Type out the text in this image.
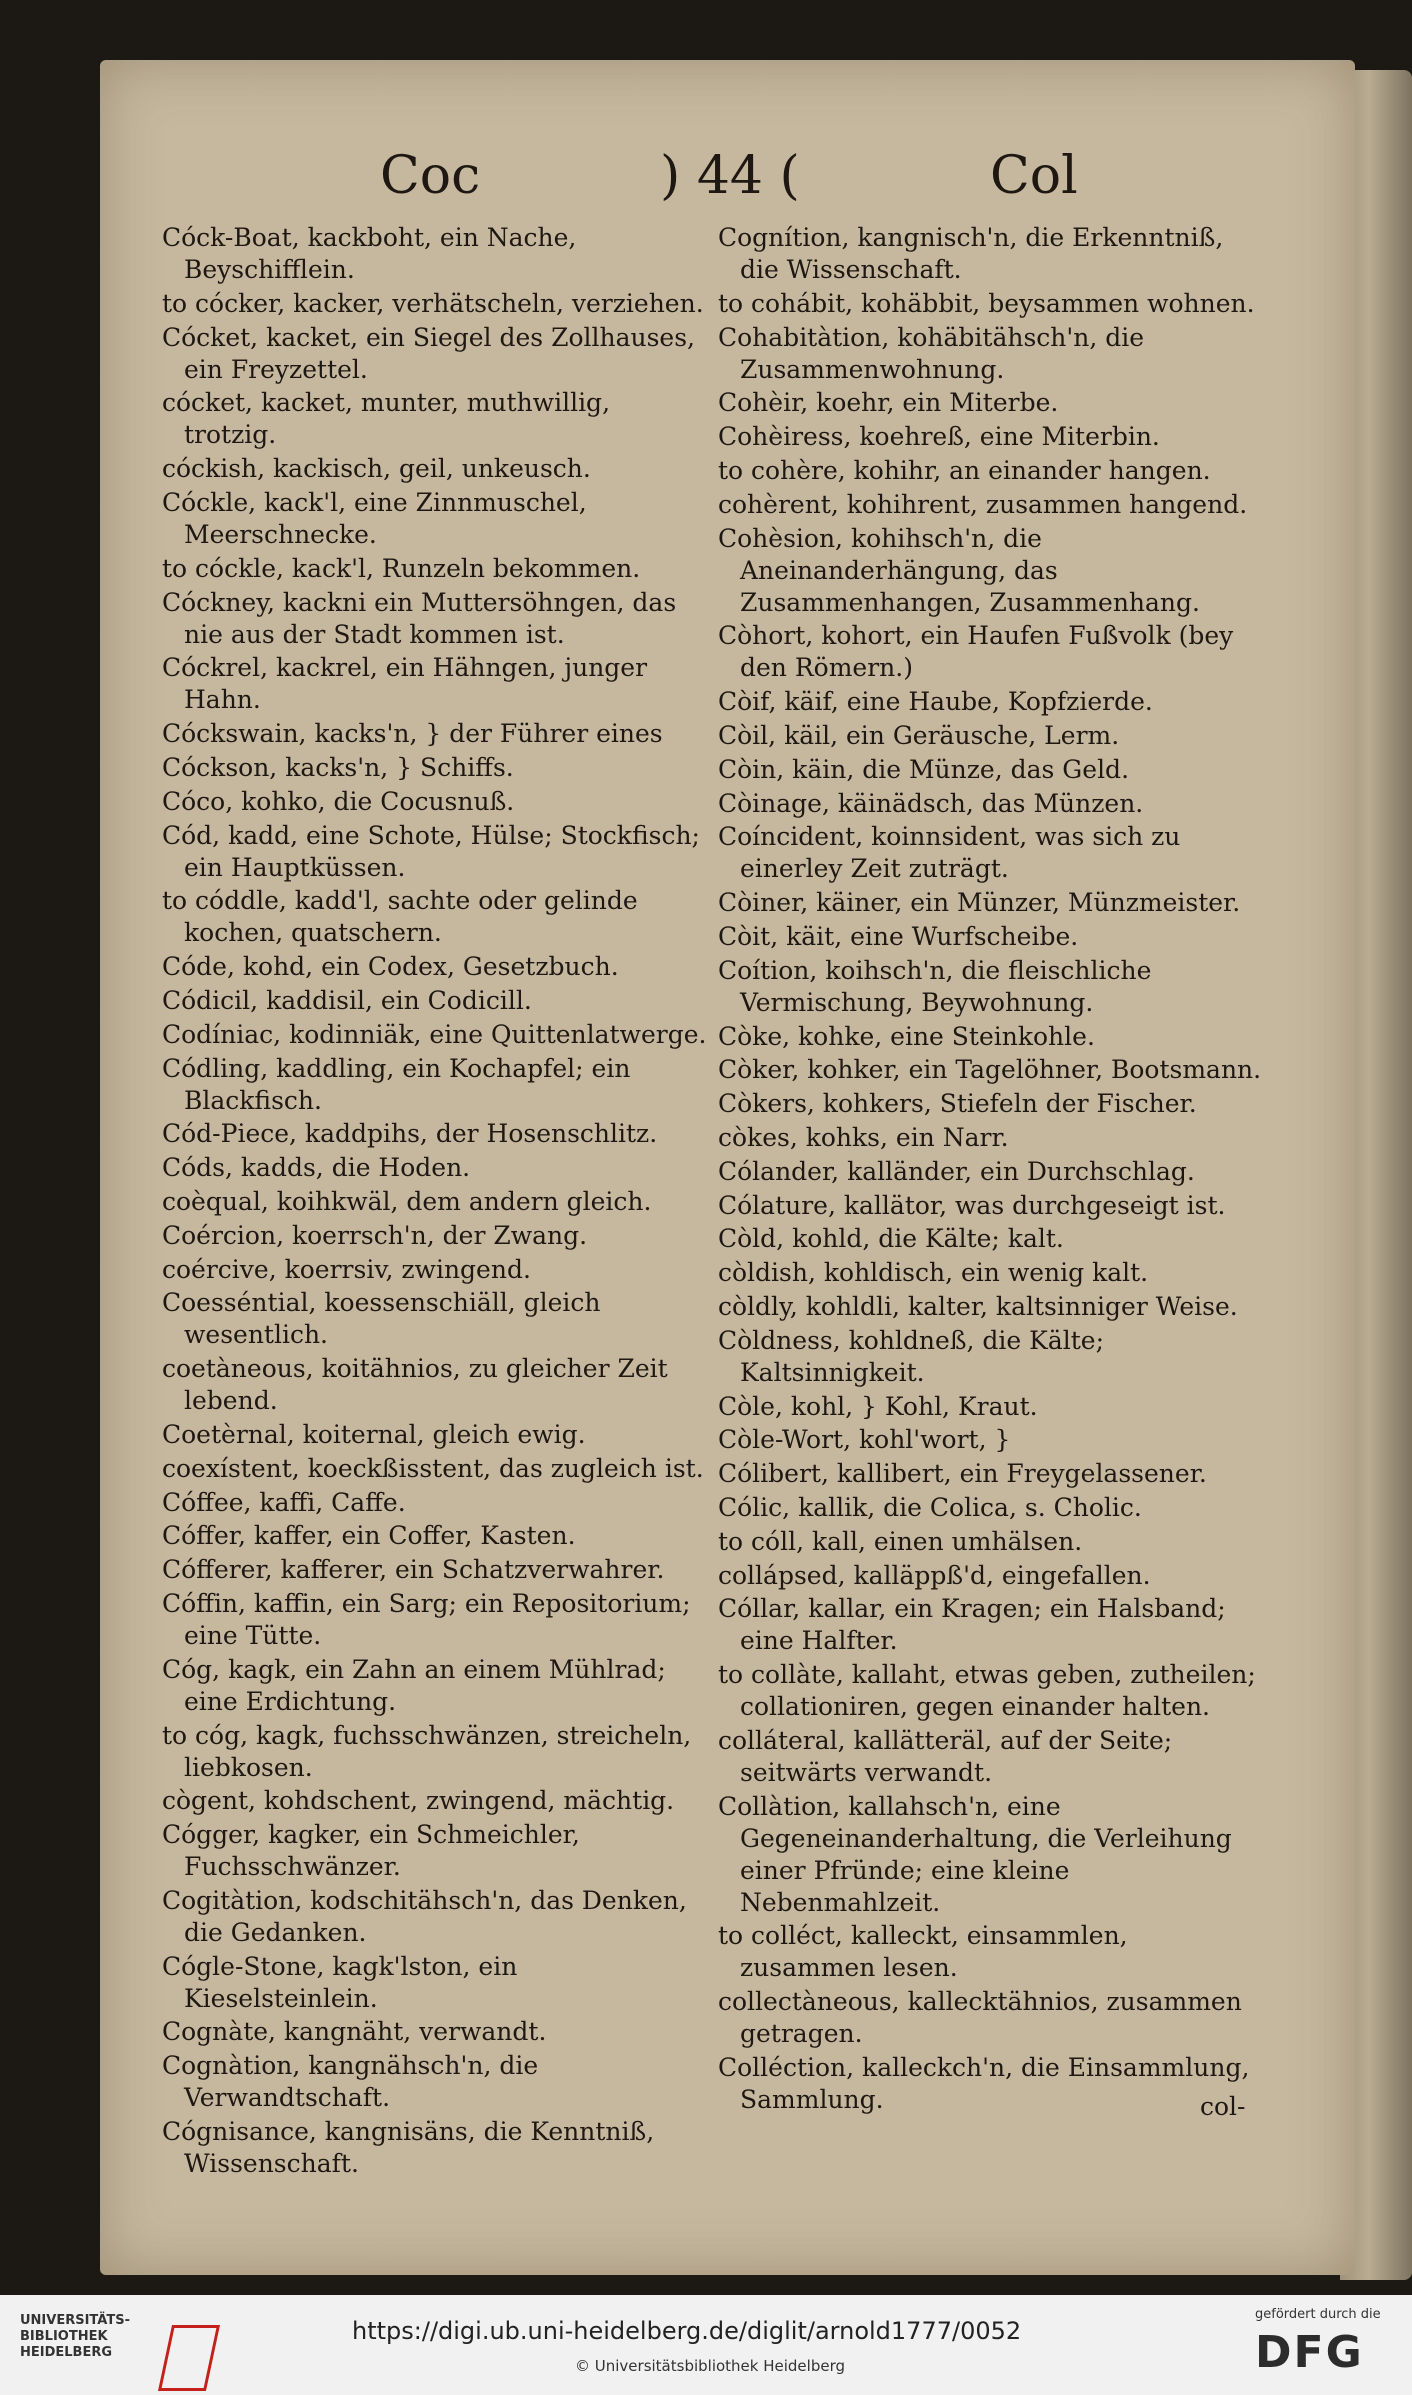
Coc	) 44 (	Col
Cóck-Boat, kackboht, ein Nache, Beyschifflein.
to cócker, kacker, verhätscheln, verziehen.
Cócket, kacket, ein Siegel des Zollhauses, ein Freyzettel.
cócket, kacket, munter, muthwillig, trotzig.
cóckish, kackisch, geil, unkeusch.
Cóckle, kack'l, eine Zinnmuschel, Meerschnecke.
to cóckle, kack'l, Runzeln bekommen.
Cóckney, kackni ein Muttersöhngen, das nie aus der Stadt kommen ist.
Cóckrel, kackrel, ein Hähngen, junger Hahn.
Cóckswain, kacks'n, } der Führer eines
Cóckson, kacks'n, } Schiffs.
Cóco, kohko, die Cocusnuß.
Cód, kadd, eine Schote, Hülse; Stockfisch; ein Hauptküssen.
to códdle, kadd'l, sachte oder gelinde kochen, quatschern.
Códe, kohd, ein Codex, Gesetzbuch.
Códicil, kaddisil, ein Codicill.
Codíniac, kodinniäk, eine Quittenlatwerge.
Códling, kaddling, ein Kochapfel; ein Blackfisch.
Cód-Piece, kaddpihs, der Hosenschlitz.
Códs, kadds, die Hoden.
coèqual, koihkwäl, dem andern gleich.
Coércion, koerrsch'n, der Zwang.
coércive, koerrsiv, zwingend.
Coesséntial, koessenschiäll, gleich wesentlich.
coetàneous, koitähnios, zu gleicher Zeit lebend.
Coetèrnal, koiternal, gleich ewig.
coexístent, koeckßisstent, das zugleich ist.
Cóffee, kaffi, Caffe.
Cóffer, kaffer, ein Coffer, Kasten.
Cófferer, kafferer, ein Schatzverwahrer.
Cóffin, kaffin, ein Sarg; ein Repositorium; eine Tütte.
Cóg, kagk, ein Zahn an einem Mühlrad; eine Erdichtung.
to cóg, kagk, fuchsschwänzen, streicheln, liebkosen.
cògent, kohdschent, zwingend, mächtig.
Cógger, kagker, ein Schmeichler, Fuchsschwänzer.
Cogitàtion, kodschitähsch'n, das Denken, die Gedanken.
Cógle-Stone, kagk'lston, ein Kieselsteinlein.
Cognàte, kangnäht, verwandt.
Cognàtion, kangnähsch'n, die Verwandtschaft.
Cógnisance, kangnisäns, die Kenntniß, Wissenschaft.
Cognítion, kangnisch'n, die Erkenntniß, die Wissenschaft.
to cohábit, kohäbbit, beysammen wohnen.
Cohabitàtion, kohäbitähsch'n, die Zusammenwohnung.
Cohèir, koehr, ein Miterbe.
Cohèiress, koehreß, eine Miterbin.
to cohère, kohihr, an einander hangen.
cohèrent, kohihrent, zusammen hangend.
Cohèsion, kohihsch'n, die Aneinanderhängung, das Zusammenhangen, Zusammenhang.
Còhort, kohort, ein Haufen Fußvolk (bey den Römern.)
Còif, käif, eine Haube, Kopfzierde.
Còil, käil, ein Geräusche, Lerm.
Còin, käin, die Münze, das Geld.
Còinage, käinädsch, das Münzen.
Coíncident, koinnsident, was sich zu einerley Zeit zuträgt.
Còiner, käiner, ein Münzer, Münzmeister.
Còit, käit, eine Wurfscheibe.
Coítion, koihsch'n, die fleischliche Vermischung, Beywohnung.
Còke, kohke, eine Steinkohle.
Còker, kohker, ein Tagelöhner, Bootsmann.
Còkers, kohkers, Stiefeln der Fischer.
còkes, kohks, ein Narr.
Cólander, kalländer, ein Durchschlag.
Cólature, kallätor, was durchgeseigt ist.
Còld, kohld, die Kälte; kalt.
còldish, kohldisch, ein wenig kalt.
còldly, kohldli, kalter, kaltsinniger Weise.
Còldness, kohldneß, die Kälte; Kaltsinnigkeit.
Còle, kohl, } Kohl, Kraut.
Còle-Wort, kohl'wort, }
Cólibert, kallibert, ein Freygelassener.
Cólic, kallik, die Colica, s. Cholic.
to cóll, kall, einen umhälsen.
collápsed, kalläppß'd, eingefallen.
Cóllar, kallar, ein Kragen; ein Halsband; eine Halfter.
to collàte, kallaht, etwas geben, zutheilen; collationiren, gegen einander halten.
colláteral, kallätteräl, auf der Seite; seitwärts verwandt.
Collàtion, kallahsch'n, eine Gegeneinanderhaltung, die Verleihung einer Pfründe; eine kleine Nebenmahlzeit.
to colléct, kalleckt, einsammlen, zusammen lesen.
collectàneous, kallecktähnios, zusammen getragen.
Colléction, kalleckch'n, die Einsammlung, Sammlung.	col-
UNIVERSITÄTS-
BIBLIOTHEK
HEIDELBERG
https://digi.ub.uni-heidelberg.de/diglit/arnold1777/0052
© Universitätsbibliothek Heidelberg
gefördert durch die
DFG
